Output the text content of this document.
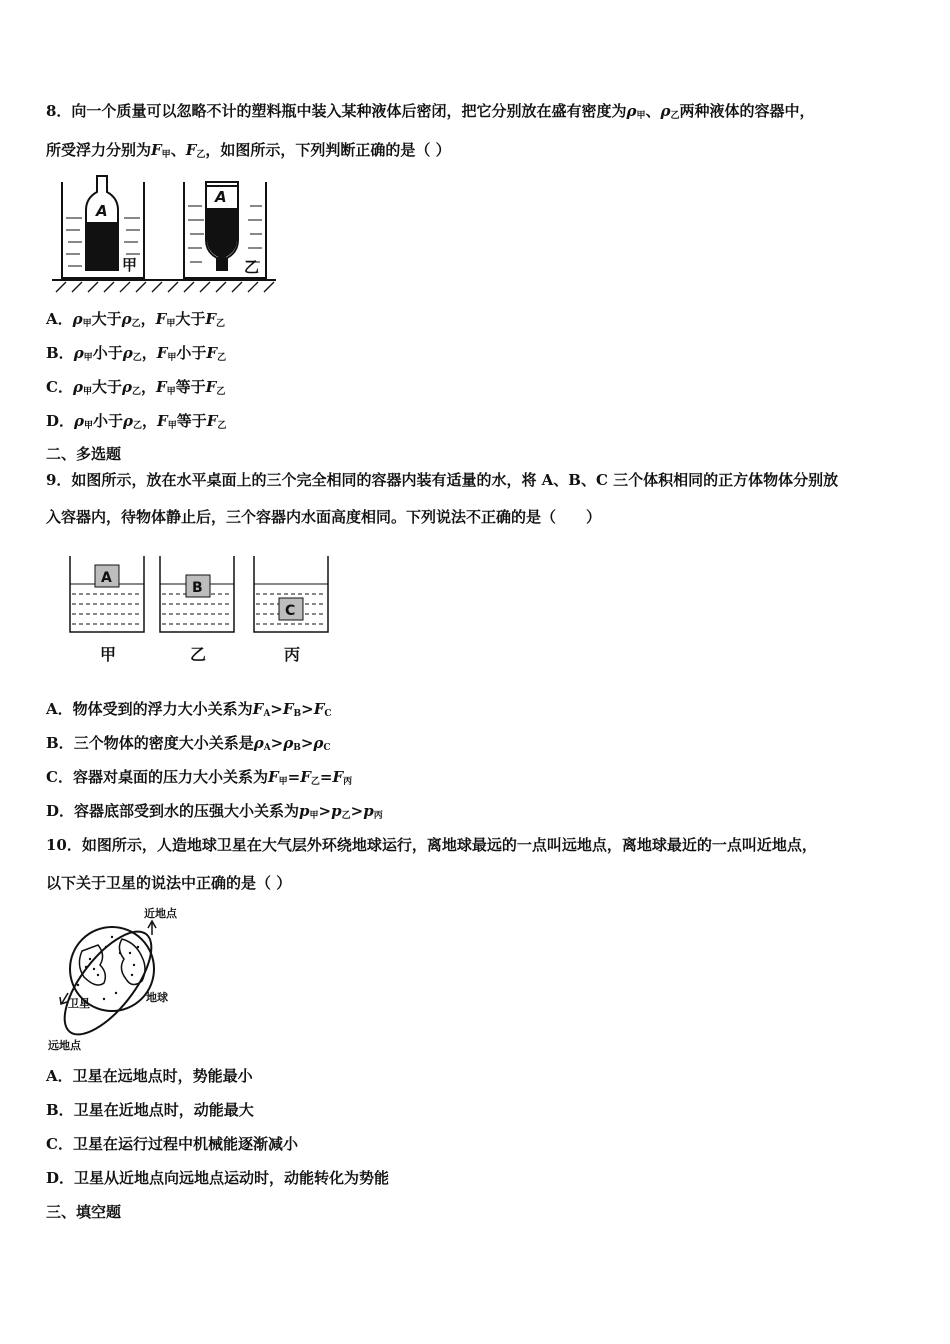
8．向一个质量可以忽略不计的塑料瓶中装入某种液体后密闭，把它分别放在盛有密度为$\rho_甲$、$\rho_乙$两种液体的容器中，
所受浮力分别为$F_甲$、$F_乙$，如图所示，下列判断正确的是（ ）
A
A
甲	乙
A．$\rho_甲$大于$\rho_乙$，$F_甲$大于$F_乙$
B．$\rho_甲$小于$\rho_乙$，$F_甲$小于$F_乙$
C．$\rho_甲$大于$\rho_乙$，$F_甲$等于$F_乙$
D．$\rho_甲$小于$\rho_乙$，$F_甲$等于$F_乙$
二、多选题
9．如图所示，放在水平桌面上的三个完全相同的容器内装有适量的水，将 A、B、C 三个体积相同的正方体物体分别放
入容器内，待物体静止后，三个容器内水面高度相同。下列说法不正确的是（　　）
A
B
C
甲	乙	丙
A．物体受到的浮力大小关系为$F_A>F_B>F_C$
B．三个物体的密度大小关系是$\rho_A>\rho_B>\rho_C$
C．容器对桌面的压力大小关系为$F_甲=F_乙=F_丙$
D．容器底部受到水的压强大小关系为$p_甲>p_乙>p_丙$
10．如图所示，人造地球卫星在大气层外环绕地球运行，离地球最远的一点叫远地点，离地球最近的一点叫近地点，
以下关于卫星的说法中正确的是（ ）
近地点
远地点
卫星	地球
A．卫星在远地点时，势能最小
B．卫星在近地点时，动能最大
C．卫星在运行过程中机械能逐渐减小
D．卫星从近地点向远地点运动时，动能转化为势能
三、填空题
